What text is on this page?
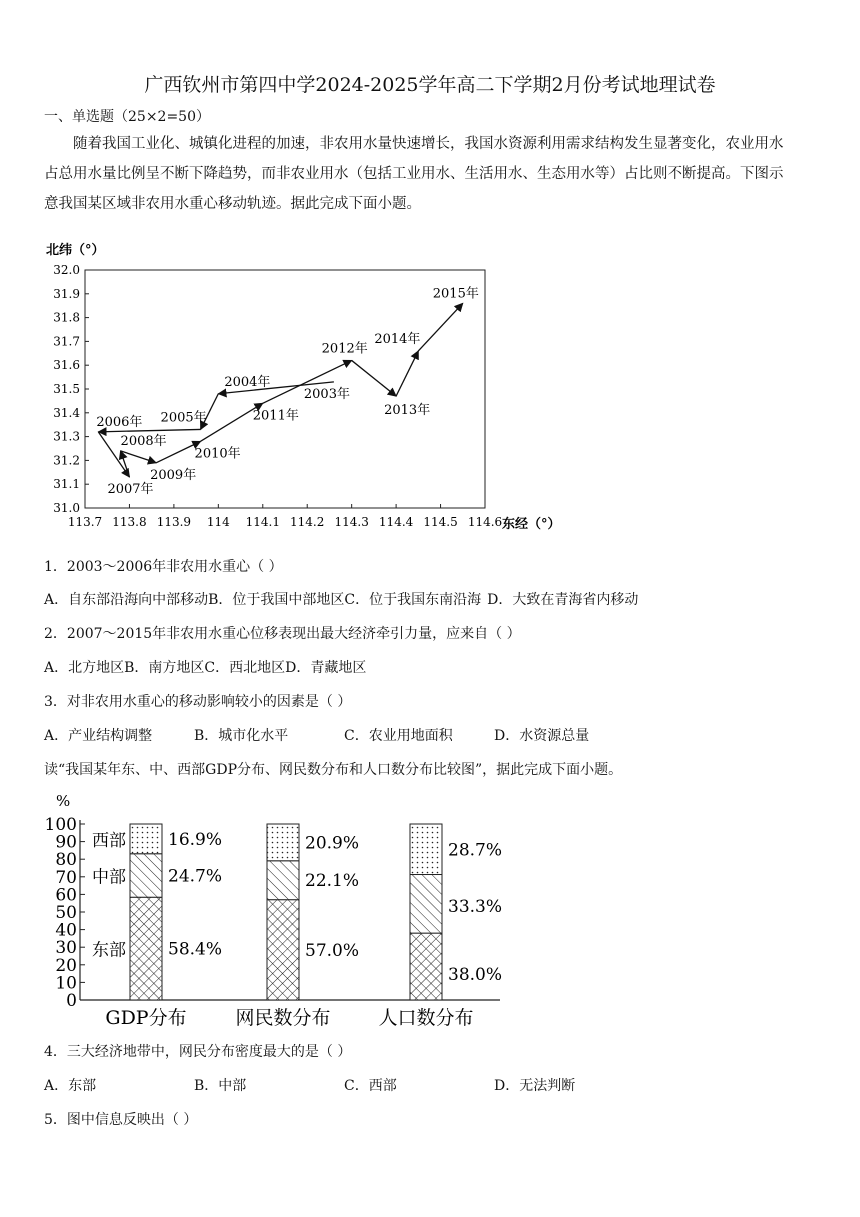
广西钦州市第四中学2024-2025学年高二下学期2月份考试地理试卷
一、单选题（25×2=50）
随着我国工业化、城镇化进程的加速，非农用水量快速增长，我国水资源利用需求结构发生显著变化，农业用水
占总用水量比例呈不断下降趋势，而非农业用水（包括工业用水、生活用水、生态用水等）占比则不断提高。下图示
意我国某区域非农用水重心移动轨迹。据此完成下面小题。
北纬（°）
东经（°）
113.7 113.8 113.9 114 114.1 114.2 114.3 114.4 114.5 114.6
31.0
31.1
31.2
31.3
31.4
31.5
31.6
31.7
31.8
31.9
32.0
2003年
2004年
2005年
2006年
2007年
2008年
2009年
2010年
2011年
2012年
2013年
2014年
2015年
1．2003～2006年非农用水重心（ ）
A．自东部沿海向中部移动B．位于我国中部地区C．位于我国东南沿海 D．大致在青海省内移动
2．2007～2015年非农用水重心位移表现出最大经济牵引力量，应来自（ ）
A．北方地区B．南方地区C．西北地区D．青藏地区
3．对非农用水重心的移动影响较小的因素是（ ）
A．产业结构调整	B．城市化水平	C．农业用地面积	D．水资源总量
读“我国某年东、中、西部GDP分布、网民数分布和人口数分布比较图”，据此完成下面小题。
%
0
10
20
30
40
50
60
70
80
90
100
58.4%
东部
24.7%
中部
16.9%
西部
GDP分布
57.0%
22.1%
20.9%
网民数分布
38.0%
33.3%
28.7%
人口数分布
4．三大经济地带中，网民分布密度最大的是（ ）
A．东部	B．中部	C．西部	D．无法判断
5．图中信息反映出（ ）
